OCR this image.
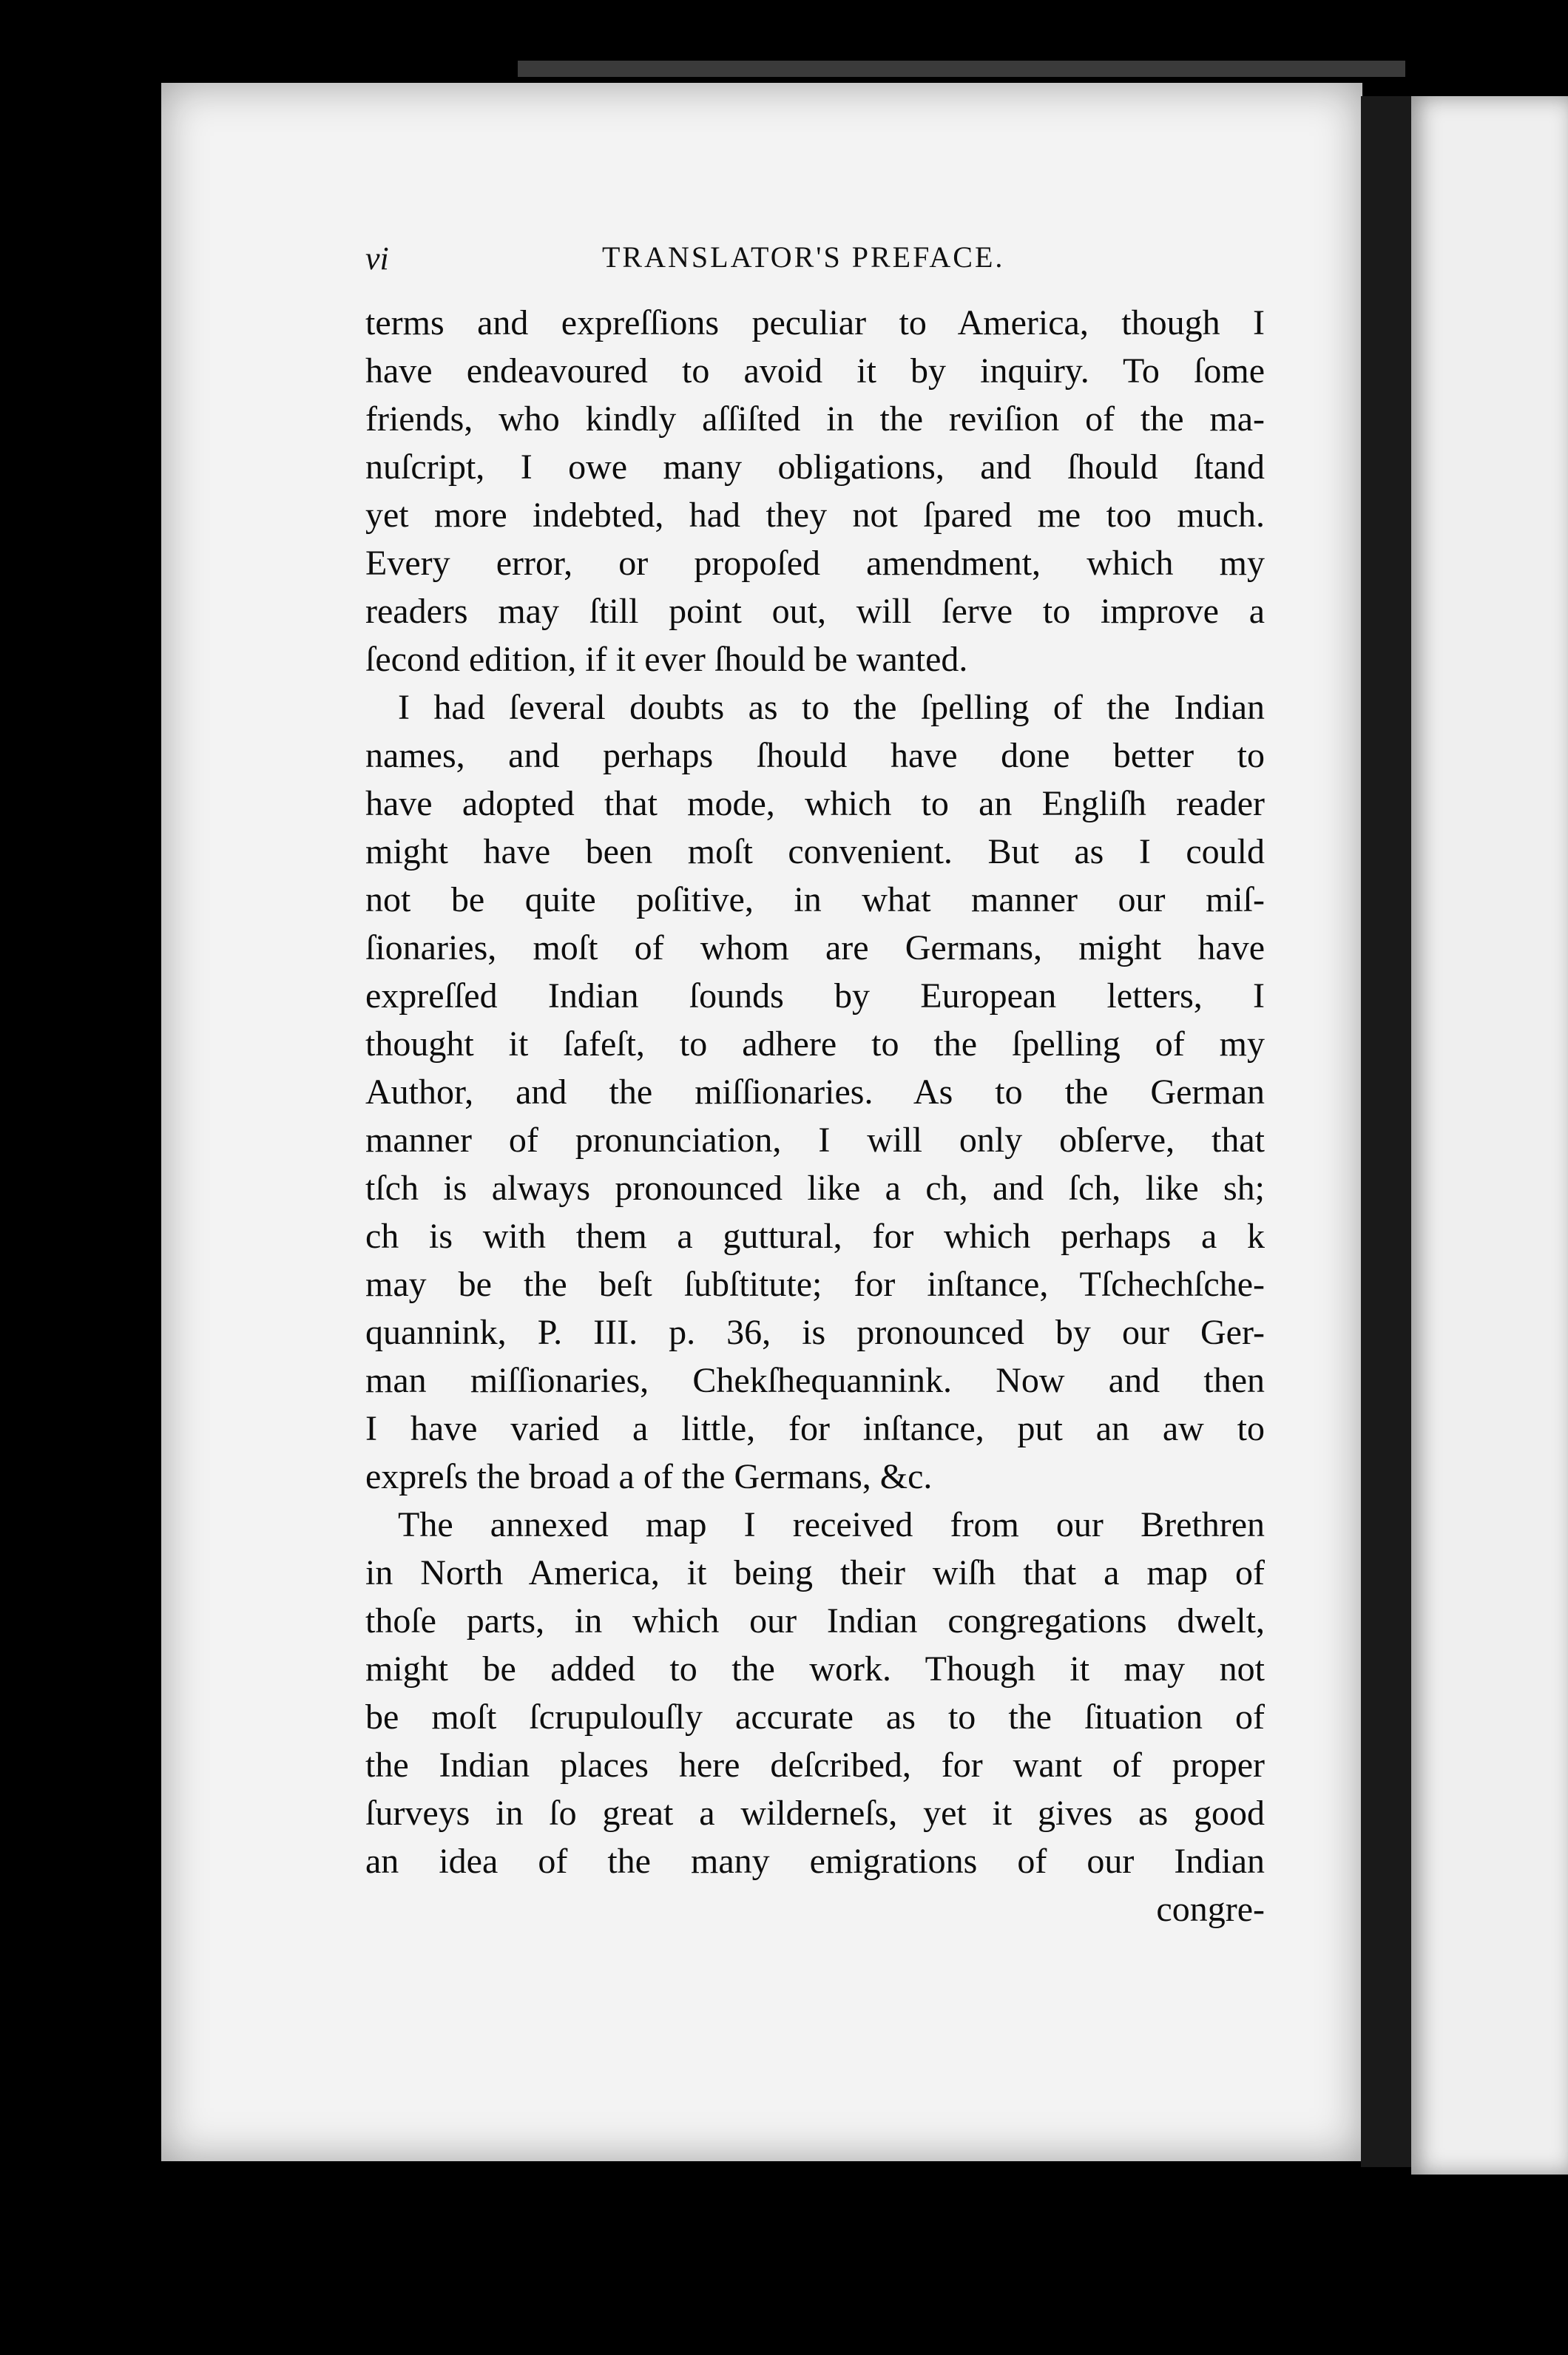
vi	TRANSLATOR'S PREFACE.
terms and expreſſions peculiar to America, though I
have endeavoured to avoid it by inquiry. To ſome
friends, who kindly aſſiſted in the reviſion of the ma-
nuſcript, I owe many obligations, and ſhould ſtand
yet more indebted, had they not ſpared me too much.
Every error, or propoſed amendment, which my
readers may ſtill point out, will ſerve to improve a
ſecond edition, if it ever ſhould be wanted.
I had ſeveral doubts as to the ſpelling of the Indian
names, and perhaps ſhould have done better to
have adopted that mode, which to an Engliſh reader
might have been moſt convenient. But as I could
not be quite poſitive, in what manner our miſ-
ſionaries, moſt of whom are Germans, might have
expreſſed Indian ſounds by European letters, I
thought it ſafeſt, to adhere to the ſpelling of my
Author, and the miſſionaries. As to the German
manner of pronunciation, I will only obſerve, that
tſch is always pronounced like a ch, and ſch, like sh;
ch is with them a guttural, for which perhaps a k
may be the beſt ſubſtitute; for inſtance, Tſchechſche-
quannink, P. III. p. 36, is pronounced by our Ger-
man miſſionaries, Chekſhequannink. Now and then
I have varied a little, for inſtance, put an aw to
expreſs the broad a of the Germans, &c.
The annexed map I received from our Brethren
in North America, it being their wiſh that a map of
thoſe parts, in which our Indian congregations dwelt,
might be added to the work. Though it may not
be moſt ſcrupulouſly accurate as to the ſituation of
the Indian places here deſcribed, for want of proper
ſurveys in ſo great a wilderneſs, yet it gives as good
an idea of the many emigrations of our Indian
congre-
